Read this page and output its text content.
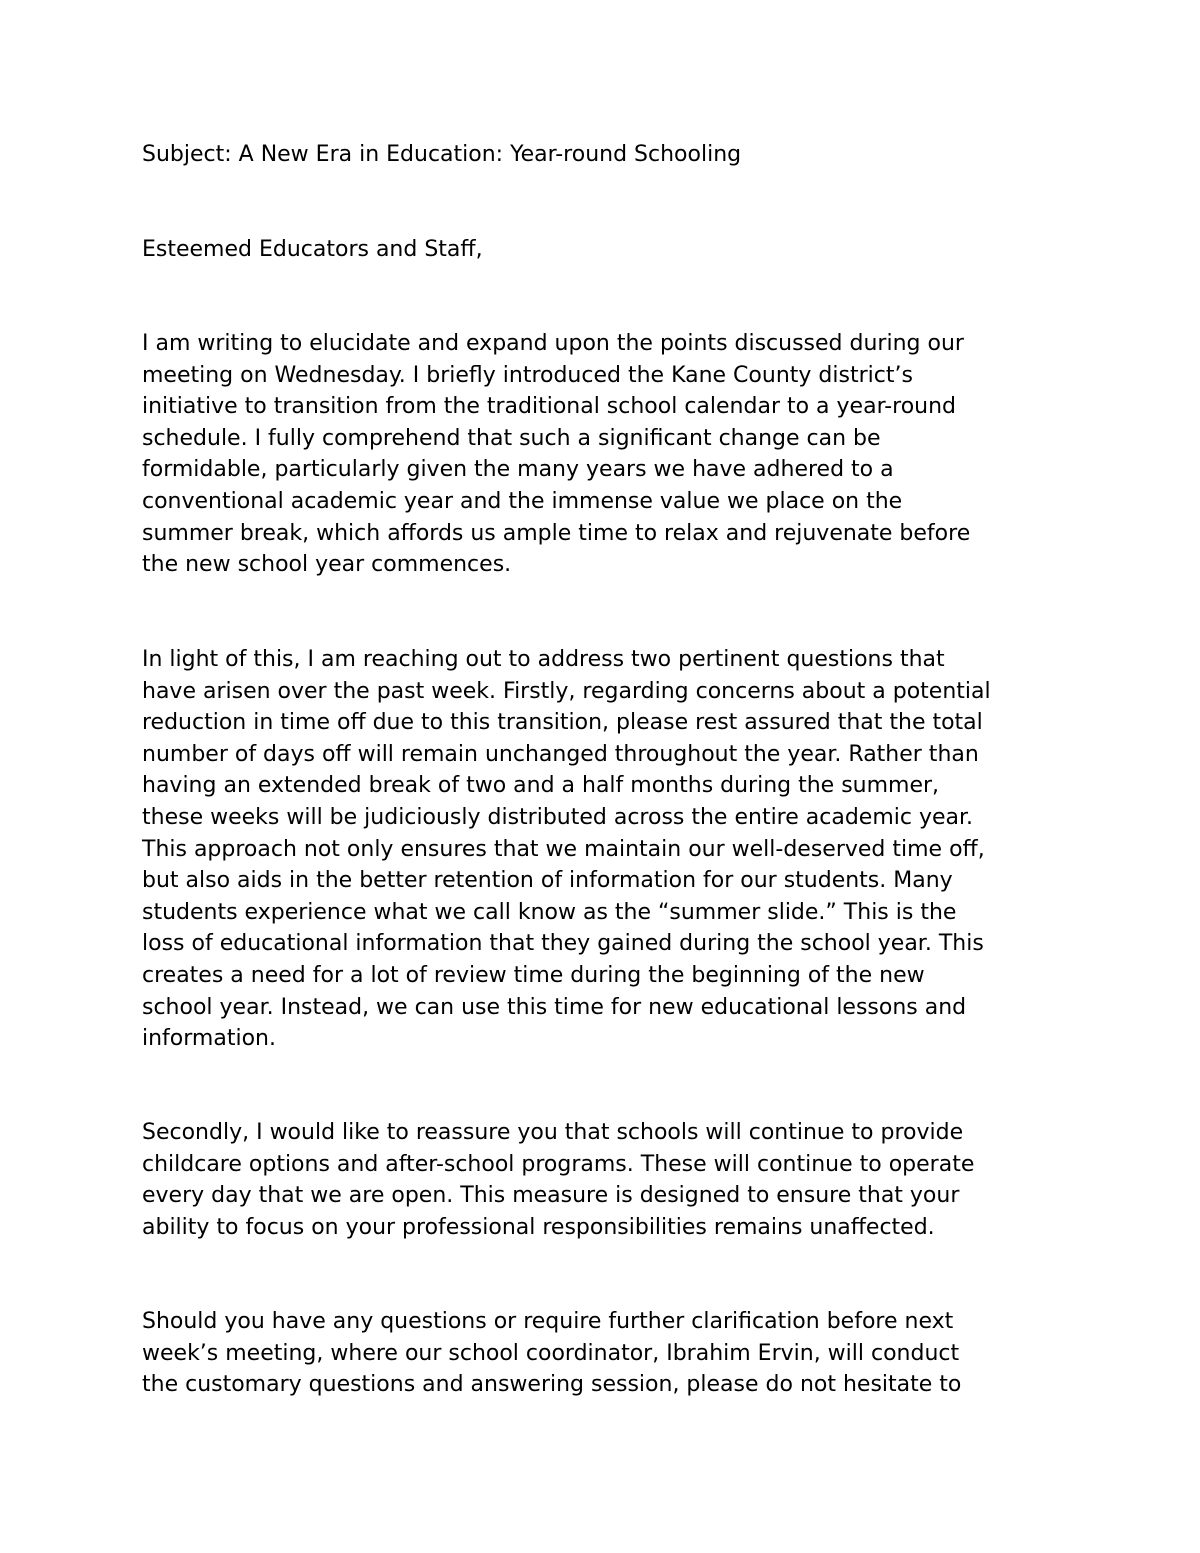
Subject: A New Era in Education: Year-round Schooling

Esteemed Educators and Staff,

I am writing to elucidate and expand upon the points discussed during our
meeting on Wednesday. I briefly introduced the Kane County district’s
initiative to transition from the traditional school calendar to a year-round
schedule. I fully comprehend that such a significant change can be
formidable, particularly given the many years we have adhered to a
conventional academic year and the immense value we place on the
summer break, which affords us ample time to relax and rejuvenate before
the new school year commences.
In light of this, I am reaching out to address two pertinent questions that
have arisen over the past week. Firstly, regarding concerns about a potential
reduction in time off due to this transition, please rest assured that the total
number of days off will remain unchanged throughout the year. Rather than
having an extended break of two and a half months during the summer,
these weeks will be judiciously distributed across the entire academic year.
This approach not only ensures that we maintain our well-deserved time off,
but also aids in the better retention of information for our students. Many
students experience what we call know as the “summer slide.” This is the
loss of educational information that they gained during the school year. This
creates a need for a lot of review time during the beginning of the new
school year. Instead, we can use this time for new educational lessons and
information.
Secondly, I would like to reassure you that schools will continue to provide
childcare options and after-school programs. These will continue to operate
every day that we are open. This measure is designed to ensure that your
ability to focus on your professional responsibilities remains unaffected.
Should you have any questions or require further clarification before next
week’s meeting, where our school coordinator, Ibrahim Ervin, will conduct
the customary questions and answering session, please do not hesitate to
